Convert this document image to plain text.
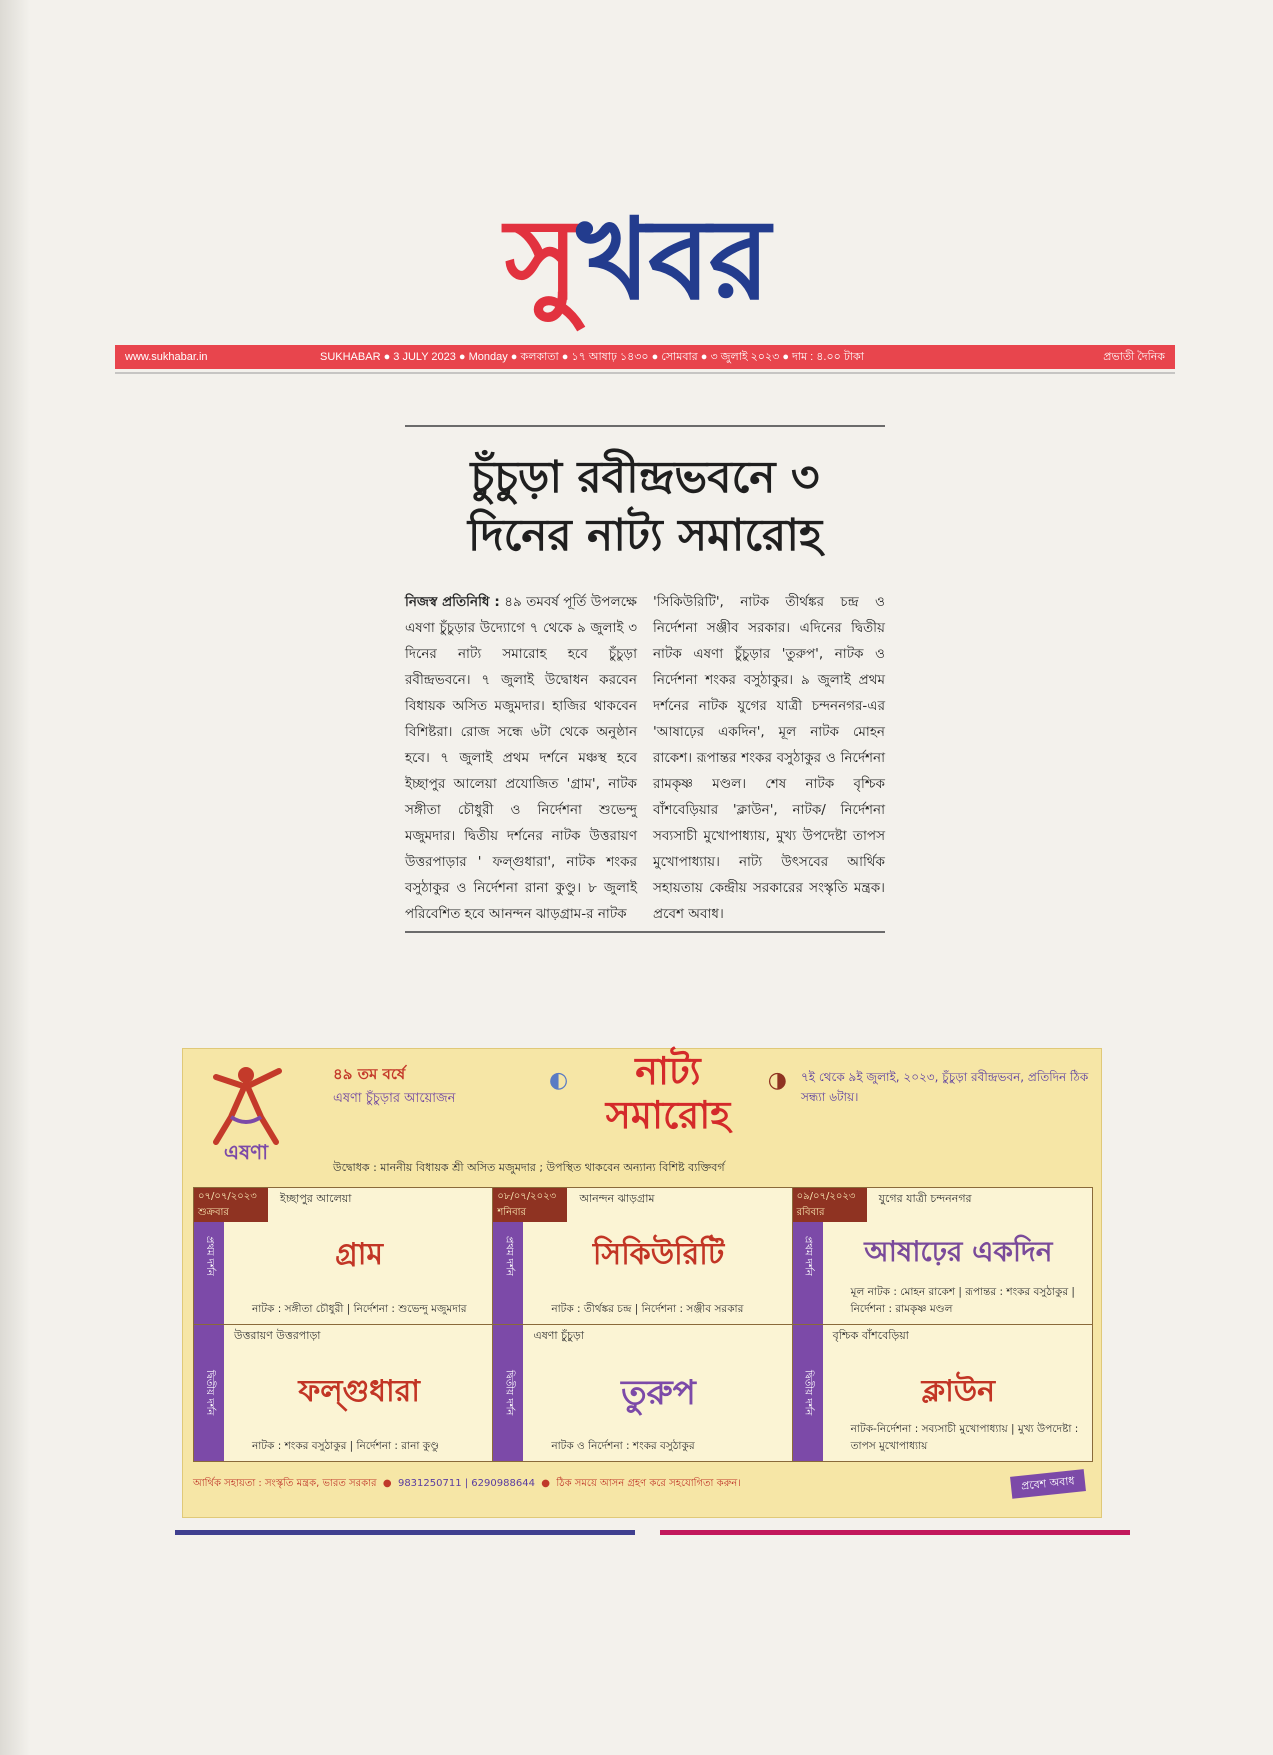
সুখবর
www.sukhabar.in	SUKHABAR ● 3 JULY 2023 ● Monday ● কলকাতা ● ১৭ আষাঢ় ১৪৩০ ● সোমবার ● ৩ জুলাই ২০২৩ ● দাম : ৪.০০ টাকা	প্রভাতী দৈনিক
চুঁচুড়া রবীন্দ্রভবনে ৩
দিনের নাট্য সমারোহ
নিজস্ব প্রতিনিধি : ৪৯ তমবর্ষ পূর্তি উপলক্ষে এষণা চুঁচুড়ার উদ্যোগে ৭ থেকে ৯ জুলাই ৩ দিনের নাট্য সমারোহ হবে চুঁচুড়া রবীন্দ্রভবনে। ৭ জুলাই উদ্বোধন করবেন বিধায়ক অসিত মজুমদার। হাজির থাকবেন বিশিষ্টরা। রোজ সন্ধে ৬টা থেকে অনুষ্ঠান হবে। ৭ জুলাই প্রথম দর্শনে মঞ্চস্থ হবে ইচ্ছাপুর আলেয়া প্রযোজিত 'গ্রাম', নাটক সঙ্গীতা চৌধুরী ও নির্দেশনা শুভেন্দু মজুমদার। দ্বিতীয় দর্শনের নাটক উত্তরায়ণ উত্তরপাড়ার ' ফল্গুধারা', নাটক শংকর বসুঠাকুর ও নির্দেশনা রানা কুণ্ডু। ৮ জুলাই পরিবেশিত হবে আনন্দন ঝাড়গ্রাম-র নাটক
'সিকিউরিটি', নাটক তীর্থঙ্কর চন্দ্র ও নির্দেশনা সঞ্জীব সরকার। এদিনের দ্বিতীয় নাটক এষণা চুঁচুড়ার 'তুরুপ', নাটক ও নির্দেশনা শংকর বসুঠাকুর। ৯ জুলাই প্রথম দর্শনের নাটক যুগের যাত্রী চন্দননগর-এর 'আষাঢ়ের একদিন', মূল নাটক মোহন রাকেশ। রূপান্তর শংকর বসুঠাকুর ও নির্দেশনা রামকৃষ্ণ মণ্ডল। শেষ নাটক বৃশ্চিক বাঁশবেড়িয়ার 'ক্লাউন', নাটক/ নির্দেশনা সব্যসাচী মুখোপাধ্যায়, মুখ্য উপদেষ্টা তাপস মুখোপাধ্যায়। নাট্য উৎসবের আর্থিক সহায়তায় কেন্দ্রীয় সরকারের সংস্কৃতি মন্ত্রক। প্রবেশ অবাধ।
এষণা
৪৯ তম বর্ষে
এষণা চুঁচুড়ার আয়োজন
◐ নাট্য
সমারোহ
◑ ৭ই থেকে ৯ই জুলাই, ২০২৩, চুঁচুড়া রবীন্দ্রভবন, প্রতিদিন ঠিক সন্ধ্যা ৬টায়।
উদ্বোধক : মাননীয় বিধায়ক শ্রী অসিত মজুমদার ; উপস্থিত থাকবেন অন্যান্য বিশিষ্ট ব্যক্তিবর্গ
০৭/০৭/২০২৩ শুক্রবার
প্রথম দর্শন
ইচ্ছাপুর আলেয়া
গ্রাম
নাটক : সঙ্গীতা চৌধুরী | নির্দেশনা : শুভেন্দু মজুমদার
০৮/০৭/২০২৩ শনিবার
প্রথম দর্শন
আনন্দন ঝাড়গ্রাম
সিকিউরিটি
নাটক : তীর্থঙ্কর চন্দ্র | নির্দেশনা : সঞ্জীব সরকার
০৯/০৭/২০২৩ রবিবার
প্রথম দর্শন
যুগের যাত্রী চন্দননগর
আষাঢ়ের একদিন
মূল নাটক : মোহন রাকেশ | রূপান্তর : শংকর বসুঠাকুর | নির্দেশনা : রামকৃষ্ণ মণ্ডল
দ্বিতীয় দর্শন
উত্তরায়ণ উত্তরপাড়া
ফল্গুধারা
নাটক : শংকর বসুঠাকুর | নির্দেশনা : রানা কুণ্ডু
দ্বিতীয় দর্শন
এষণা চুঁচুড়া
তুরুপ
নাটক ও নির্দেশনা : শংকর বসুঠাকুর
দ্বিতীয় দর্শন
বৃশ্চিক বাঁশবেড়িয়া
ক্লাউন
নাটক-নির্দেশনা : সব্যসাচী মুখোপাধ্যায় | মুখ্য উপদেষ্টা : তাপস মুখোপাধ্যায়
আর্থিক সহায়তা : সংস্কৃতি মন্ত্রক, ভারত সরকার  ●  9831250711 | 6290988644  ●  ঠিক সময়ে আসন গ্রহণ করে সহযোগিতা করুন।	প্রবেশ অবাধ
